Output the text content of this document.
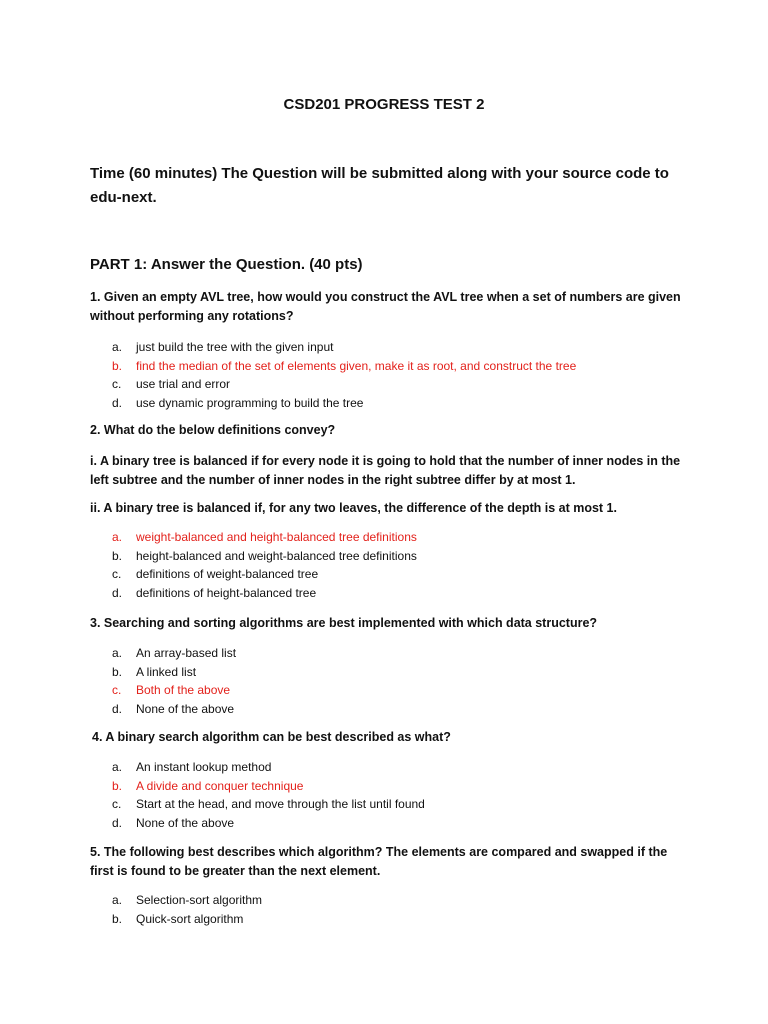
CSD201 PROGRESS TEST 2
Time (60 minutes) The Question will be submitted along with your source code to edu-next.
PART 1: Answer the Question. (40 pts)
1. Given an empty AVL tree, how would you construct the AVL tree when a set of numbers are given without performing any rotations?
a.	just build the tree with the given input
b.	find the median of the set of elements given, make it as root, and construct the tree
c.	use trial and error
d.	use dynamic programming to build the tree
2. What do the below definitions convey?
i. A binary tree is balanced if for every node it is going to hold that the number of inner nodes in the left subtree and the number of inner nodes in the right subtree differ by at most 1.
ii. A binary tree is balanced if, for any two leaves, the difference of the depth is at most 1.
a.	weight-balanced and height-balanced tree definitions
b.	height-balanced and weight-balanced tree definitions
c.	definitions of weight-balanced tree
d.	definitions of height-balanced tree
3. Searching and sorting algorithms are best implemented with which data structure?
a.	An array-based list
b.	A linked list
c.	Both of the above
d.	None of the above
4. A binary search algorithm can be best described as what?
a.	An instant lookup method
b.	A divide and conquer technique
c.	Start at the head, and move through the list until found
d.	None of the above
5. The following best describes which algorithm? The elements are compared and swapped if the first is found to be greater than the next element.
a.	Selection-sort algorithm
b.	Quick-sort algorithm
